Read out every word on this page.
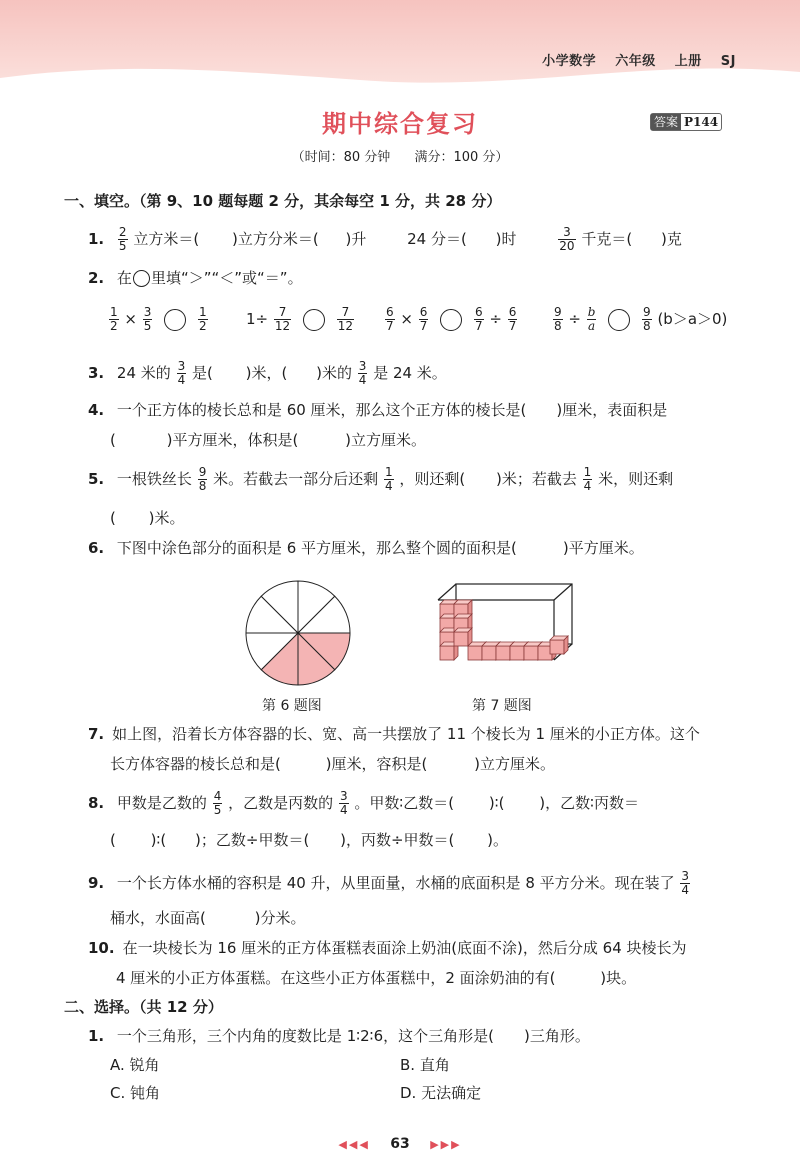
小学数学 六年级 上册 SJ
期中综合复习	答案 P144
（时间：80 分钟 满分：100 分）
一、填空。（第 9、10 题每题 2 分，其余每空 1 分，共 28 分）
1. $\frac{2}{5}$ 立方米＝( )立方分米＝( )升	24 分＝( )时	$\frac{3}{20}$ 千克＝( )克
2. 在 里填“＞”“＜”或“＝”。
$\frac{1}{2} \times \frac{3}{5}$
	$\frac{1}{2}$	$1\div \frac{7}{12}$
	$\frac{7}{12}$	$\frac{6}{7} \times \frac{6}{7}$
	$\frac{6}{7} \div \frac{6}{7}$	$\frac{9}{8} \div \frac{b}{a}$
	$\frac{9}{8} (b>a>0)$
3. 24 米的 $\frac{3}{4}$ 是( )米，( )米的 $\frac{3}{4}$ 是 24 米。
4. 一个正方体的棱长总和是 60 厘米，那么这个正方体的棱长是( )厘米，表面积是
(	)平方厘米，体积是(	)立方厘米。
5. 一根铁丝长 $\frac{9}{8}$ 米。若截去一部分后还剩 $\frac{1}{4}$ ，则还剩( )米；若截去 $\frac{1}{4}$ 米，则还剩
( )米。
6. 下图中涂色部分的面积是 6 平方厘米，那么整个圆的面积是(	)平方厘米。
第 6 题图	第 7 题图
7. 如上图，沿着长方体容器的长、宽、高一共摆放了 11 个棱长为 1 厘米的小正方体。这个
长方体容器的棱长总和是(	)厘米，容积是(	)立方厘米。
8. 甲数是乙数的 $\frac{4}{5}$ ，乙数是丙数的 $\frac{3}{4}$ 。甲数∶乙数＝( )∶( )，乙数∶丙数＝
( )∶( )；乙数÷甲数＝( )，丙数÷甲数＝( )。
9. 一个长方体水桶的容积是 40 升，从里面量，水桶的底面积是 8 平方分米。现在装了 $\frac{3}{4}$
桶水，水面高(	)分米。
10. 在一块棱长为 16 厘米的正方体蛋糕表面涂上奶油(底面不涂)，然后分成 64 块棱长为
4 厘米的小正方体蛋糕。在这些小正方体蛋糕中，2 面涂奶油的有(	)块。
二、选择。（共 12 分）
1. 一个三角形，三个内角的度数比是 1∶2∶6，这个三角形是( )三角形。
A. 锐角	B. 直角
C. 钝角	D. 无法确定
◀◀◀ 63 ▶▶▶
